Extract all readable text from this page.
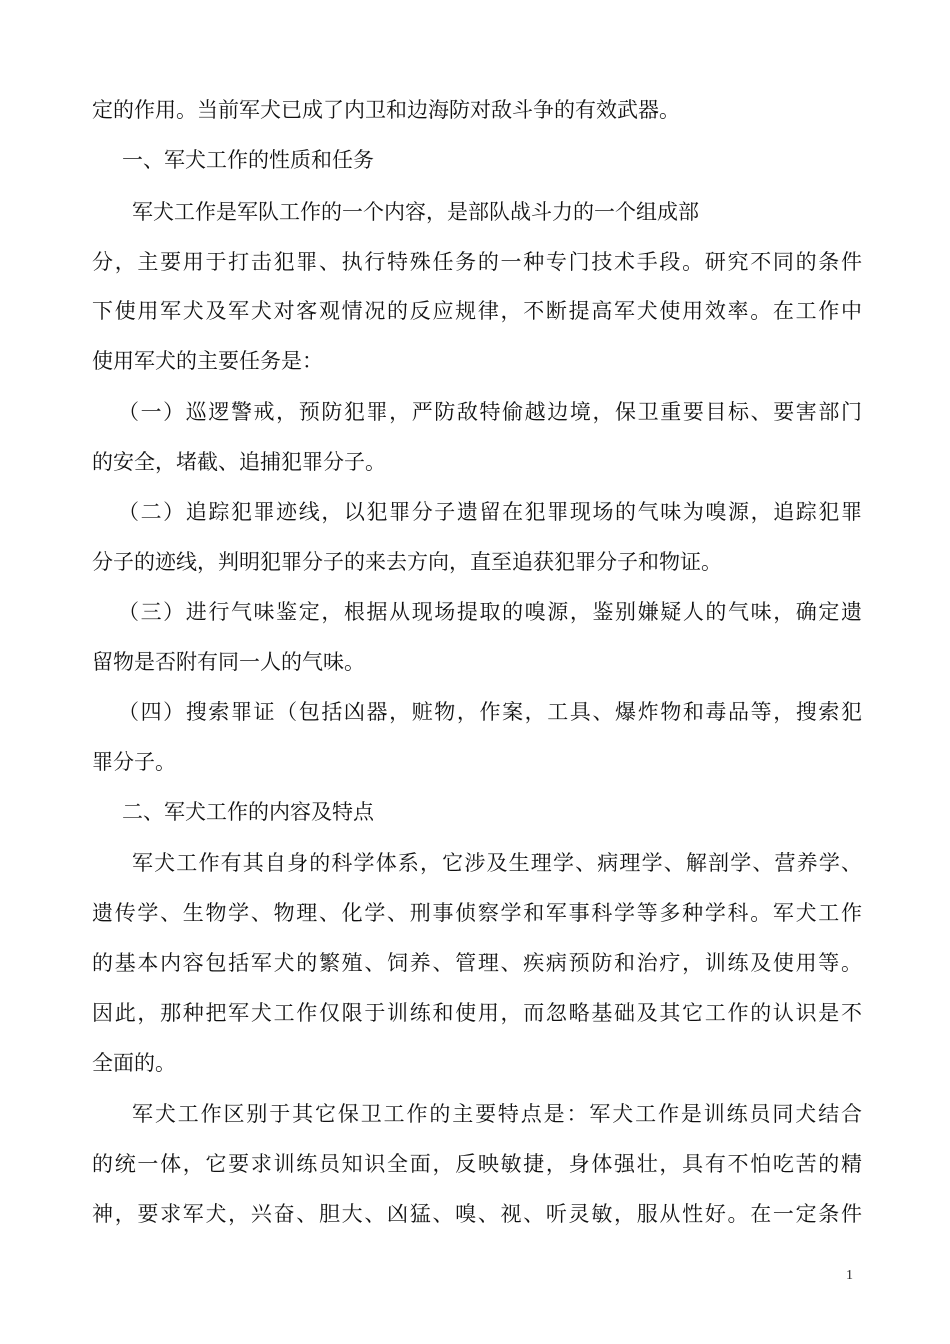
定的作用。当前军犬已成了内卫和边海防对敌斗争的有效武器。
一、军犬工作的性质和任务
军犬工作是军队工作的一个内容，是部队战斗力的一个组成部
分，主要用于打击犯罪、执行特殊任务的一种专门技术手段。研究不同的条件
下使用军犬及军犬对客观情况的反应规律，不断提高军犬使用效率。在工作中
使用军犬的主要任务是：
（一）巡逻警戒，预防犯罪，严防敌特偷越边境，保卫重要目标、要害部门
的安全，堵截、追捕犯罪分子。
（二）追踪犯罪迹线，以犯罪分子遗留在犯罪现场的气味为嗅源，追踪犯罪
分子的迹线，判明犯罪分子的来去方向，直至追获犯罪分子和物证。
（三）进行气味鉴定，根据从现场提取的嗅源，鉴别嫌疑人的气味，确定遗
留物是否附有同一人的气味。
（四）搜索罪证（包括凶器，赃物，作案，工具、爆炸物和毒品等，搜索犯
罪分子。
二、军犬工作的内容及特点
军犬工作有其自身的科学体系，它涉及生理学、病理学、解剖学、营养学、
遗传学、生物学、物理、化学、刑事侦察学和军事科学等多种学科。军犬工作
的基本内容包括军犬的繁殖、饲养、管理、疾病预防和治疗，训练及使用等。
因此，那种把军犬工作仅限于训练和使用，而忽略基础及其它工作的认识是不
全面的。
军犬工作区别于其它保卫工作的主要特点是：军犬工作是训练员同犬结合
的统一体，它要求训练员知识全面，反映敏捷，身体强壮，具有不怕吃苦的精
神，要求军犬，兴奋、胆大、凶猛、嗅、视、听灵敏，服从性好。在一定条件
1
